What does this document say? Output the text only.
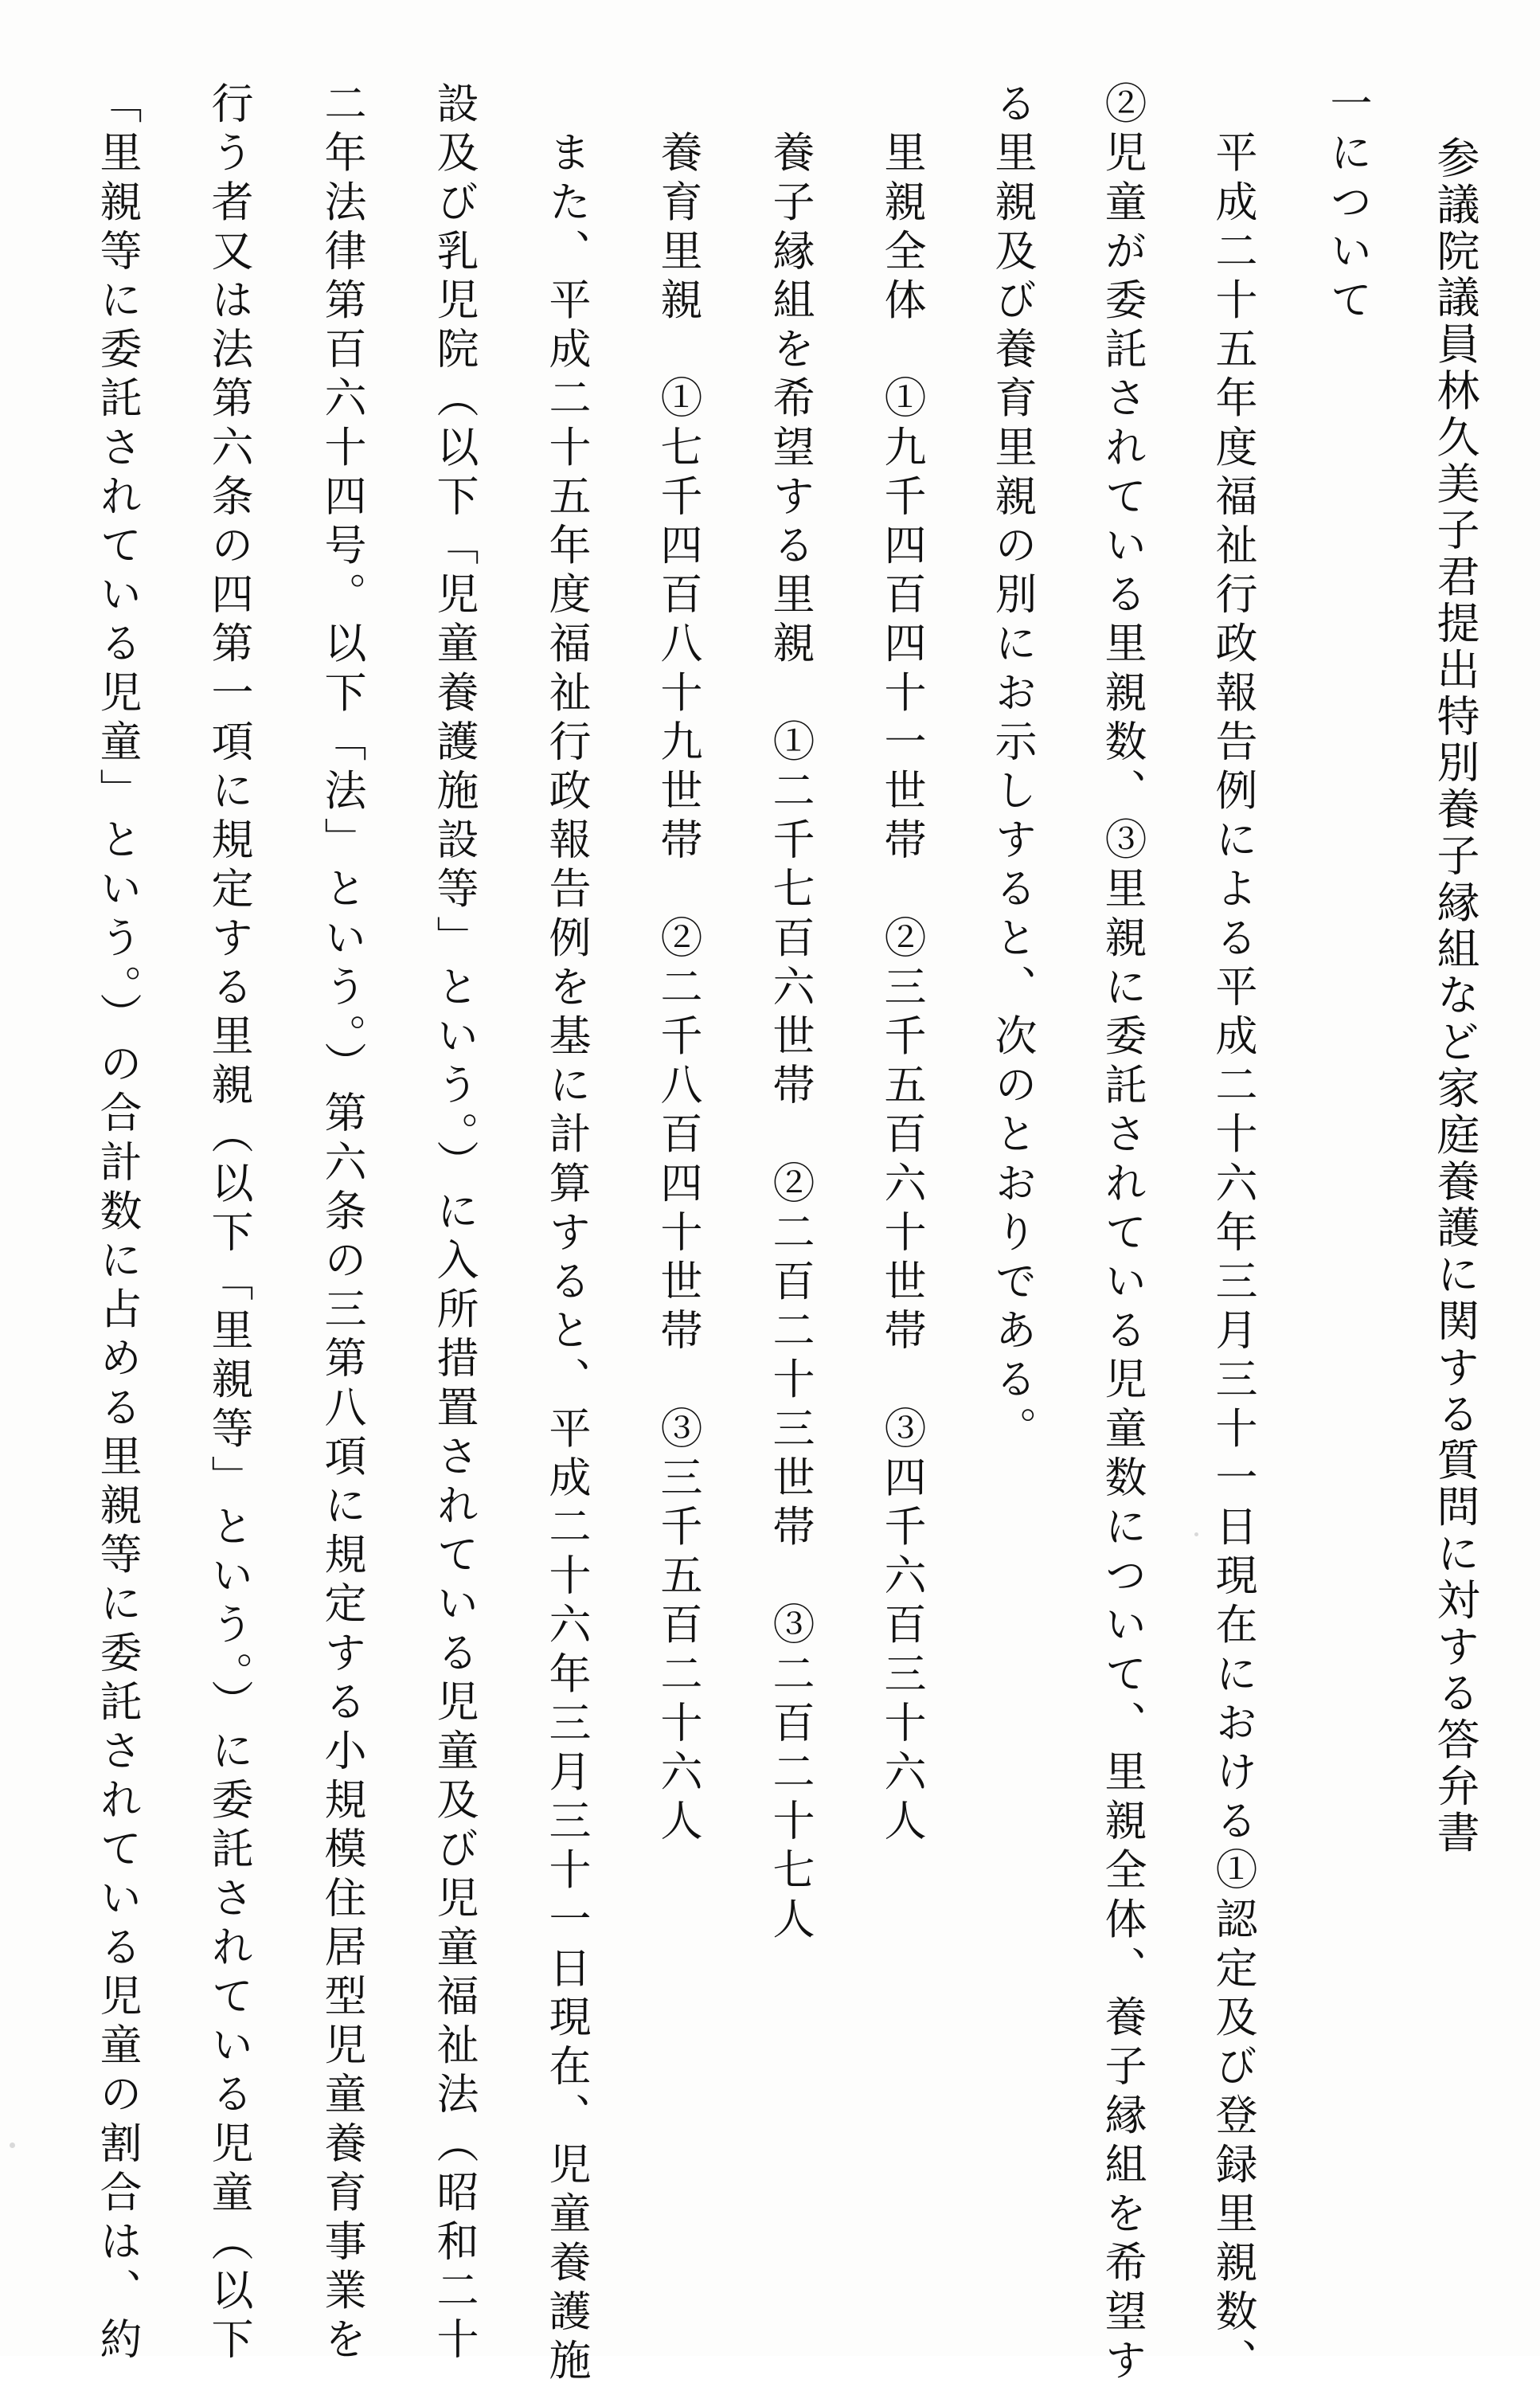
参議院議員林久美子君提出特別養子縁組など家庭養護に関する質問に対する答弁書
一について
　平成二十五年度福祉行政報告例による平成二十六年三月三十一日現在における①認定及び登録里親数、
②児童が委託されている里親数、③里親に委託されている児童数について、里親全体、養子縁組を希望す
る里親及び養育里親の別にお示しすると、次のとおりである。
　里親全体　①九千四百四十一世帯　②三千五百六十世帯　③四千六百三十六人
　養子縁組を希望する里親　①二千七百六世帯　②二百二十三世帯　③二百二十七人
　養育里親　①七千四百八十九世帯　②二千八百四十世帯　③三千五百二十六人
　また、平成二十五年度福祉行政報告例を基に計算すると、平成二十六年三月三十一日現在、児童養護施
設及び乳児院（以下「児童養護施設等」という。）に入所措置されている児童及び児童福祉法（昭和二十
二年法律第百六十四号。以下「法」という。）第六条の三第八項に規定する小規模住居型児童養育事業を
行う者又は法第六条の四第一項に規定する里親（以下「里親等」という。）に委託されている児童（以下
「里親等に委託されている児童」という。）の合計数に占める里親等に委託されている児童の割合は、約
